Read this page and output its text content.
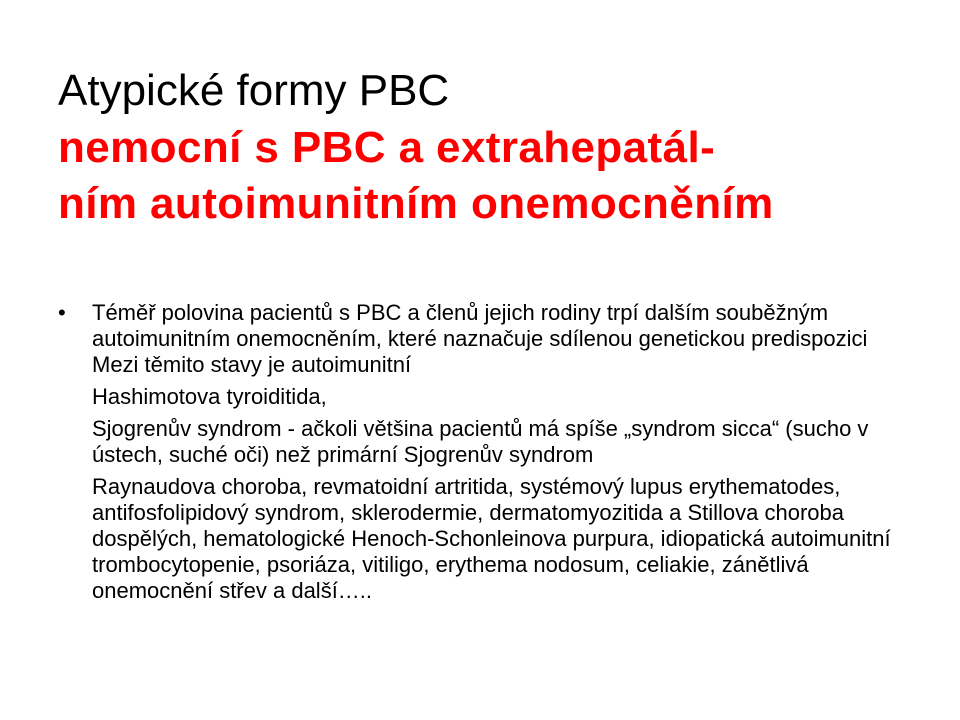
Atypické formy PBC
nemocní s PBC a extrahepatál-
ním autoimunitním onemocněním
•	Téměř polovina pacientů s PBC a členů jejich rodiny trpí dalším souběžným autoimunitním onemocněním, které naznačuje sdílenou genetickou predispozici Mezi těmito stavy je autoimunitní
Hashimotova tyroiditida,
Sjogrenův syndrom - ačkoli většina pacientů má spíše „syndrom sicca“ (sucho v ústech, suché oči) než primární Sjogrenův syndrom
Raynaudova choroba, revmatoidní artritida, systémový lupus erythematodes, antifosfolipidový syndrom, sklerodermie, dermatomyozitida a Stillova choroba dospělých, hematologické Henoch-Schonleinova purpura, idiopatická autoimunitní trombocytopenie, psoriáza, vitiligo, erythema nodosum, celiakie, zánětlivá onemocnění střev a další…..
